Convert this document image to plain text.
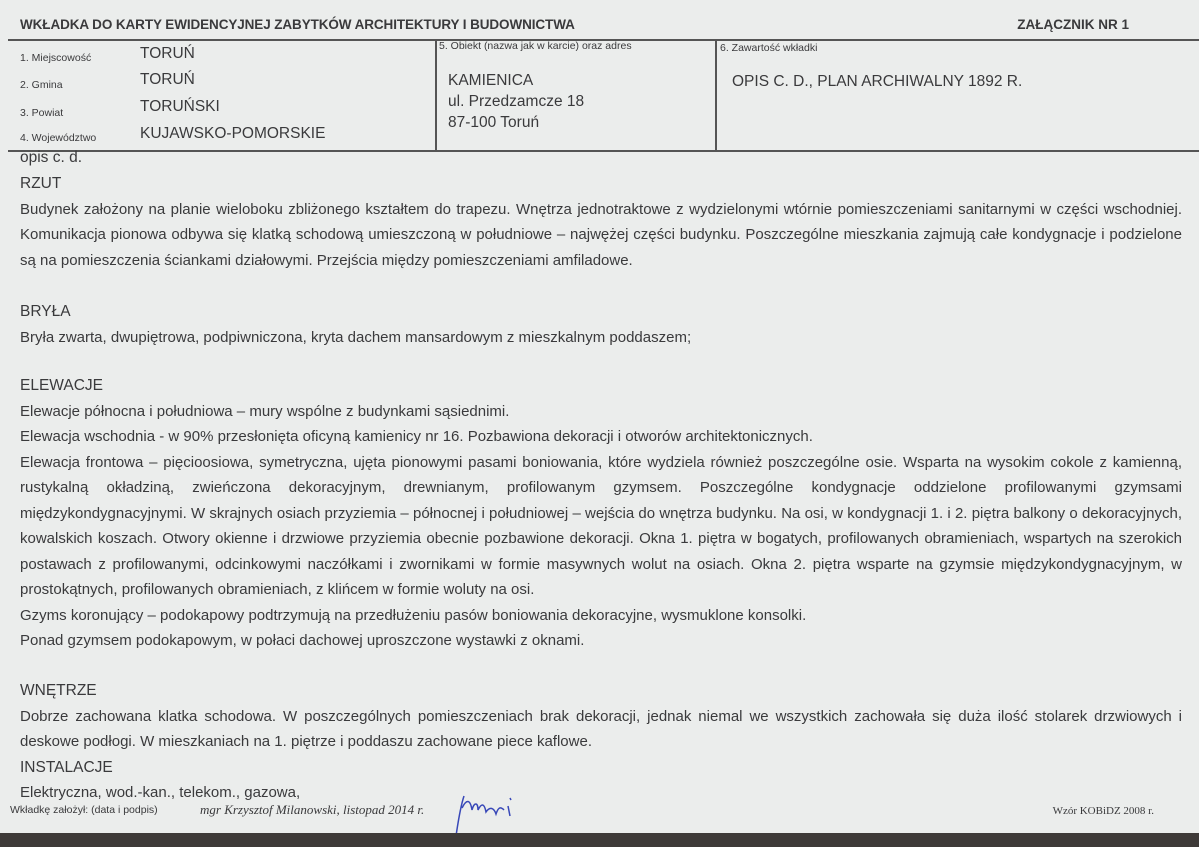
WKŁADKA DO KARTY EWIDENCYJNEJ ZABYTKÓW ARCHITEKTURY I BUDOWNICTWA	ZAŁĄCZNIK NR 1
1. Miejscowość	TORUŃ
2. Gmina	TORUŃ
3. Powiat	TORUŃSKI
4. Województwo	KUJAWSKO-POMORSKIE
5. Obiekt (nazwa jak w karcie) oraz adres
KAMIENICA
ul. Przedzamcze 18
87-100 Toruń
6. Zawartość wkładki
OPIS C. D., PLAN ARCHIWALNY 1892 R.
opis c. d.
RZUT

Budynek założony na planie wieloboku zbliżonego kształtem do trapezu. Wnętrza jednotraktowe z wydzielonymi wtórnie pomieszczeniami sanitarnymi w części wschodniej. Komunikacja pionowa odbywa się klatką schodową umieszczoną w południowe – najwężej części budynku. Poszczególne mieszkania zajmują całe kondygnacje i podzielone są na pomieszczenia ściankami działowymi. Przejścia między pomieszczeniami amfiladowe.

BRYŁA

Bryła zwarta, dwupiętrowa, podpiwniczona, kryta dachem mansardowym z mieszkalnym poddaszem;

ELEWACJE

Elewacje północna i południowa – mury wspólne z budynkami sąsiednimi.

Elewacja wschodnia - w 90% przesłonięta oficyną kamienicy nr 16. Pozbawiona dekoracji i otworów architektonicznych.

Elewacja frontowa – pięcioosiowa, symetryczna, ujęta pionowymi pasami boniowania, które wydziela również poszczególne osie. Wsparta na wysokim cokole z kamienną, rustykalną okładziną, zwieńczona dekoracyjnym, drewnianym, profilowanym gzymsem. Poszczególne kondygnacje oddzielone profilowanymi gzymsami międzykondygnacyjnymi. W skrajnych osiach przyziemia – północnej i południowej – wejścia do wnętrza budynku. Na osi, w kondygnacji 1. i 2. piętra balkony o dekoracyjnych, kowalskich koszach. Otwory okienne i drzwiowe przyziemia obecnie pozbawione dekoracji. Okna 1. piętra w bogatych, profilowanych obramieniach, wspartych na szerokich postawach z profilowanymi, odcinkowymi naczółkami i zwornikami w formie masywnych wolut na osiach. Okna 2. piętra wsparte na gzymsie międzykondygnacyjnym, w prostokątnych, profilowanych obramieniach, z klińcem w formie woluty na osi.

Gzyms koronujący – podokapowy podtrzymują na przedłużeniu pasów boniowania dekoracyjne, wysmuklone konsolki.

Ponad gzymsem podokapowym, w połaci dachowej uproszczone wystawki z oknami.

WNĘTRZE

Dobrze zachowana klatka schodowa. W poszczególnych pomieszczeniach brak dekoracji, jednak niemal we wszystkich zachowała się duża ilość stolarek drzwiowych i deskowe podłogi. W mieszkaniach na 1. piętrze i poddaszu zachowane piece kaflowe.

INSTALACJE

Elektryczna, wod.-kan., telekom., gazowa,

Wkładkę założył: (data i podpis)	mgr Krzysztof Milanowski, listopad 2014 r.	Wzór KOBiDZ 2008 r.
